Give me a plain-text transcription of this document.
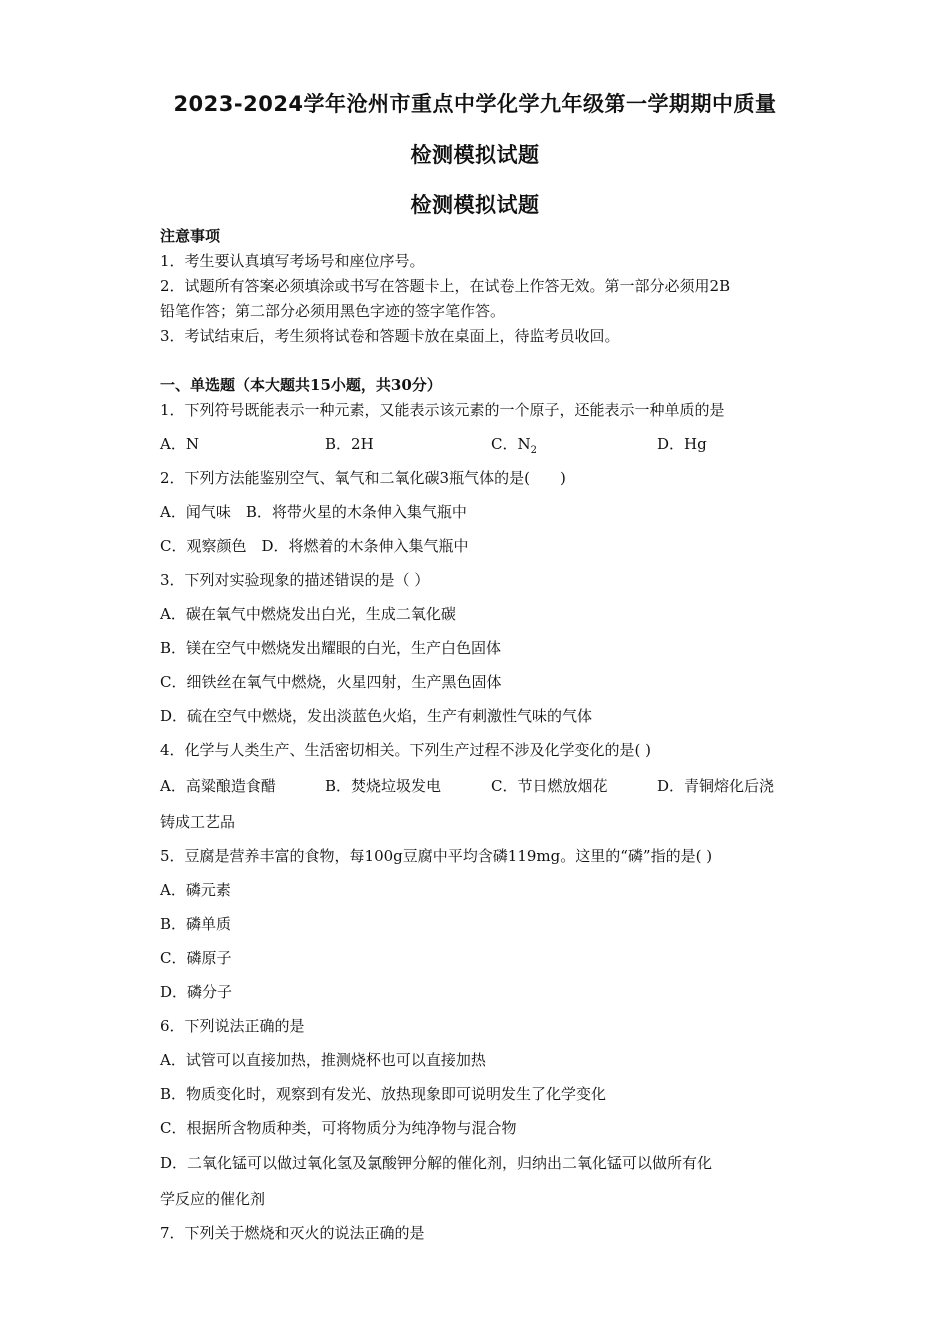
2023-2024学年沧州市重点中学化学九年级第一学期期中质量
检测模拟试题
检测模拟试题
注意事项
1．考生要认真填写考场号和座位序号。
2．试题所有答案必须填涂或书写在答题卡上，在试卷上作答无效。第一部分必须用2B
铅笔作答；第二部分必须用黑色字迹的签字笔作答。
3．考试结束后，考生须将试卷和答题卡放在桌面上，待监考员收回。
一、单选题（本大题共15小题，共30分）
1．下列符号既能表示一种元素，又能表示该元素的一个原子，还能表示一种单质的是
A．N	B．2H	C．$N_2$	D．Hg
2．下列方法能鉴别空气、氧气和二氧化碳3瓶气体的是(　　)
A．闻气味　B．将带火星的木条伸入集气瓶中
C．观察颜色　D．将燃着的木条伸入集气瓶中
3．下列对实验现象的描述错误的是（ ）
A．碳在氧气中燃烧发出白光，生成二氧化碳
B．镁在空气中燃烧发出耀眼的白光，生产白色固体
C．细铁丝在氧气中燃烧，火星四射，生产黑色固体
D．硫在空气中燃烧，发出淡蓝色火焰，生产有刺激性气味的气体
4．化学与人类生产、生活密切相关。下列生产过程不涉及化学变化的是( )
A．高粱酿造食醋	B．焚烧垃圾发电	C．节日燃放烟花	D．青铜熔化后浇
铸成工艺品
5．豆腐是营养丰富的食物，每100g豆腐中平均含磷119mg。这里的“磷”指的是( )
A．磷元素
B．磷单质
C．磷原子
D．磷分子
6．下列说法正确的是
A．试管可以直接加热，推测烧杯也可以直接加热
B．物质变化时，观察到有发光、放热现象即可说明发生了化学变化
C．根据所含物质种类，可将物质分为纯净物与混合物
D．二氧化锰可以做过氧化氢及氯酸钾分解的催化剂，归纳出二氧化锰可以做所有化
学反应的催化剂
7．下列关于燃烧和灭火的说法正确的是
